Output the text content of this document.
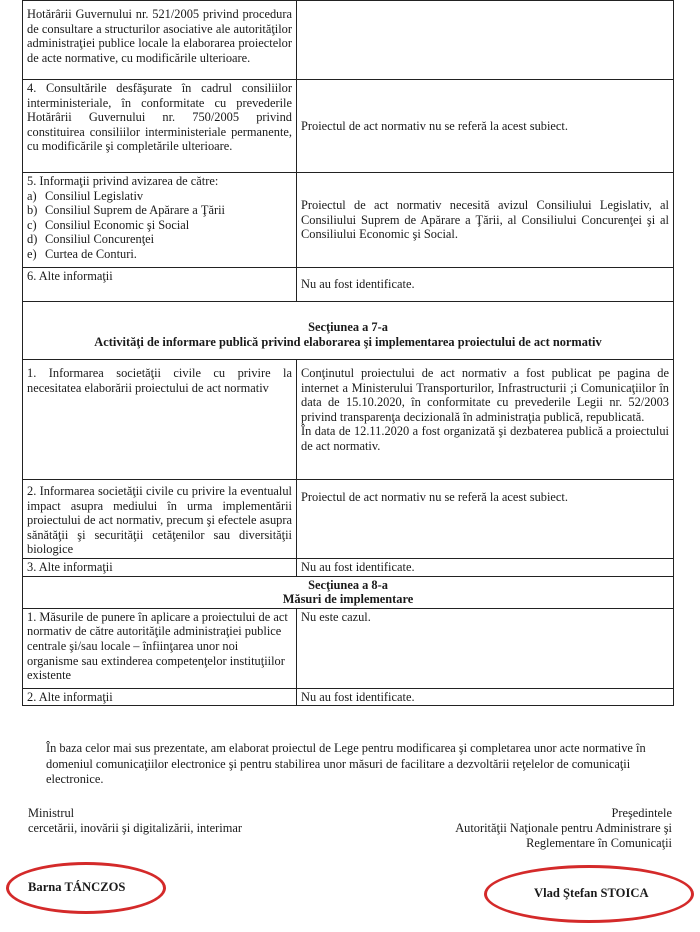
Hotărârii Guvernului nr. 521/2005 privind procedura de consultare a structurilor asociative ale autorităţilor administraţiei publice locale la elaborarea proiectelor de acte normative, cu modificările ulterioare.	
4. Consultările desfăşurate în cadrul consiliilor interministeriale, în conformitate cu prevederile Hotărârii Guvernului nr. 750/2005 privind constituirea consiliilor interministeriale permanente, cu modificările şi completările ulterioare.	Proiectul de act normativ nu se referă la acest subiect.

5. Informaţii privind avizarea de către:
a) Consiliul Legislativ
b) Consiliul Suprem de Apărare a Ţării
c) Consiliul Economic şi Social
d) Consiliul Concurenţei
e) Curtea de Conturi.
	Proiectul de act normativ necesită avizul Consiliului Legislativ, al Consiliului Suprem de Apărare a Ţării, al Consiliului Concurenţei şi al Consiliului Economic şi Social.
6. Alte informaţii	Nu au fost identificate.

Secţiunea a 7-a
Activităţi de informare publică privind elaborarea şi implementarea proiectului de act normativ	

1. Informarea societăţii civile cu privire la necesitatea elaborării proiectului de act normativ	Conţinutul proiectului de act normativ a fost publicat pe pagina de internet a Ministerului Transporturilor, Infrastructurii ;i Comunicaţiilor în data de 15.10.2020, în conformitate cu prevederile Legii nr. 52/2003 privind transparenţa decizională în administraţia publică, republicată.
În data de 12.11.2020 a fost organizată şi dezbaterea publică a proiectului de act normativ.

2. Informarea societăţii civile cu privire la eventualul impact asupra mediului în urma implementării proiectului de act normativ, precum şi efectele asupra sănătăţii şi securităţii cetăţenilor sau diversităţii biologice	Proiectul de act normativ nu se referă la acest subiect.
3. Alte informaţii	Nu au fost identificate.

Secţiunea a 8-a
Măsuri de implementare	

1. Măsurile de punere în aplicare a proiectului de act normativ de către autorităţile administraţiei publice centrale şi/sau locale – înfiinţarea unor noi organisme sau extinderea competenţelor instituţiilor existente	Nu este cazul.
2. Alte informaţii	Nu au fost identificate.
În baza celor mai sus prezentate, am elaborat proiectul de Lege pentru modificarea şi completarea unor acte normative în domeniul comunicaţiilor electronice şi pentru stabilirea unor măsuri de facilitare a dezvoltării reţelelor de comunicaţii electronice.
Ministrul
cercetării, inovării şi digitalizării, interimar
Preşedintele
Autorităţii Naţionale pentru Administrare şi
Reglementare în Comunicaţii
Barna TÁNCZOS	Vlad Ştefan STOICA
